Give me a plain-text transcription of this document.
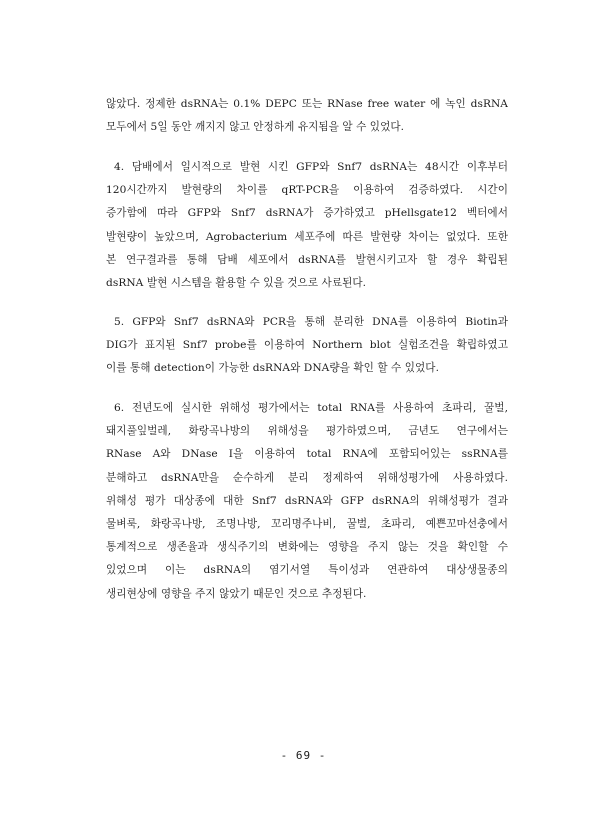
않았다. 정제한 dsRNA는 0.1% DEPC 또는 RNase free water 에 녹인 dsRNA
모두에서 5일 동안 깨지지 않고 안정하게 유지됨을 알 수 있었다.
4. 담배에서 일시적으로 발현 시킨 GFP와 Snf7 dsRNA는 48시간 이후부터
120시간까지 발현량의 차이를 qRT-PCR을 이용하여 검증하였다. 시간이
증가함에 따라 GFP와 Snf7 dsRNA가 증가하였고 pHellsgate12 벡터에서
발현량이 높았으며, Agrobacterium 세포주에 따른 발현량 차이는 없었다. 또한
본 연구결과를 통해 담배 세포에서 dsRNA를 발현시키고자 할 경우 확립된
dsRNA 발현 시스템을 활용할 수 있을 것으로 사료된다.
5. GFP와 Snf7 dsRNA와 PCR을 통해 분리한 DNA를 이용하여 Biotin과
DIG가 표지된 Snf7 probe를 이용하여 Northern blot 실험조건을 확립하였고
이를 통해 detection이 가능한 dsRNA와 DNA량을 확인 할 수 있었다.
6. 전년도에 실시한 위해성 평가에서는 total RNA를 사용하여 초파리, 꿀벌,
돼지풀잎벌레, 화랑곡나방의 위해성을 평가하였으며, 금년도 연구에서는
RNase A와 DNase I을 이용하여 total RNA에 포함되어있는 ssRNA를
분해하고 dsRNA만을 순수하게 분리 정제하여 위해성평가에 사용하였다.
위해성 평가 대상종에 대한 Snf7 dsRNA와 GFP dsRNA의 위해성평가 결과
물벼룩, 화랑곡나방, 조명나방, 꼬리명주나비, 꿀벌, 초파리, 예쁜꼬마선충에서
통계적으로 생존율과 생식주기의 변화에는 영향을 주지 않는 것을 확인할 수
있었으며 이는 dsRNA의 염기서열 특이성과 연관하여 대상생물종의
생리현상에 영향을 주지 않았기 때문인 것으로 추정된다.
- 69 -
